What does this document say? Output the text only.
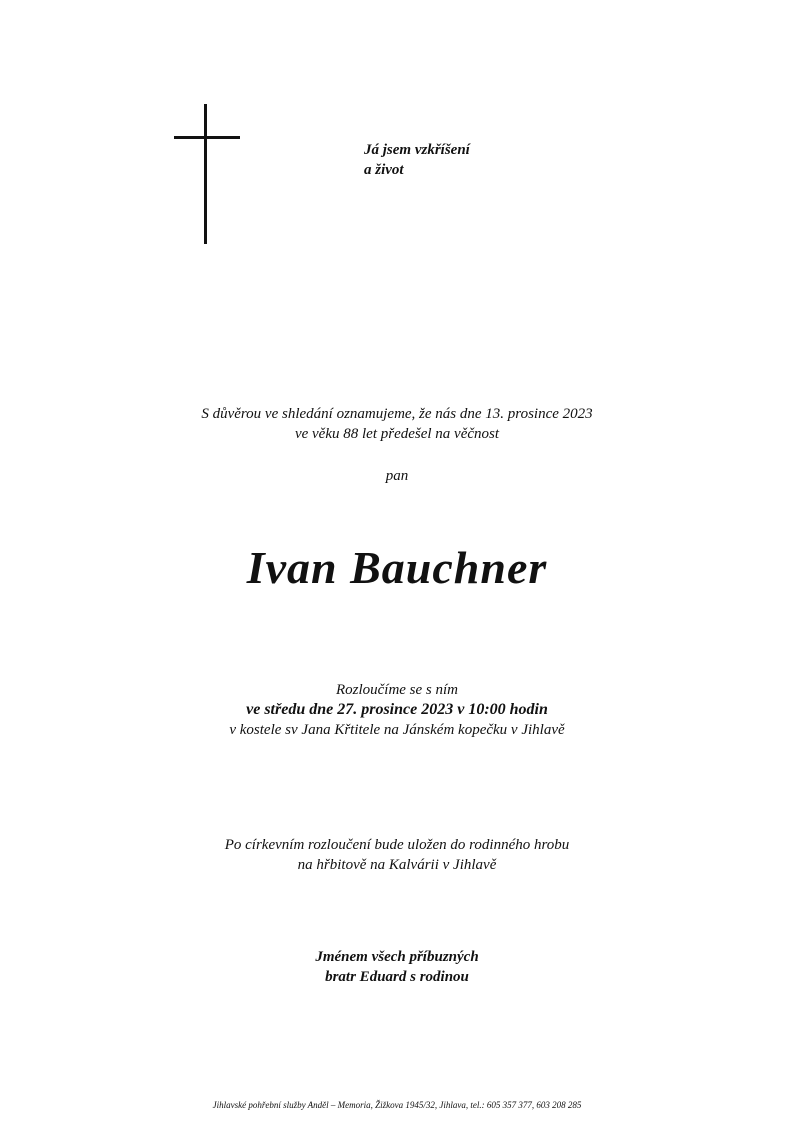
Já jsem vzkříšení
a život
S důvěrou ve shledání oznamujeme, že nás dne 13. prosince 2023
ve věku 88 let předešel na věčnost
pan
Ivan Bauchner
Rozloučíme se s ním
ve středu dne 27. prosince 2023 v 10:00 hodin
v kostele sv Jana Křtitele na Jánském kopečku v Jihlavě
Po církevním rozloučení bude uložen do rodinného hrobu
na hřbitově na Kalvárii v Jihlavě
Jménem všech příbuzných
bratr Eduard s rodinou
Jihlavské pohřební služby Anděl – Memoria, Žižkova 1945/32, Jihlava, tel.: 605 357 377, 603 208 285
